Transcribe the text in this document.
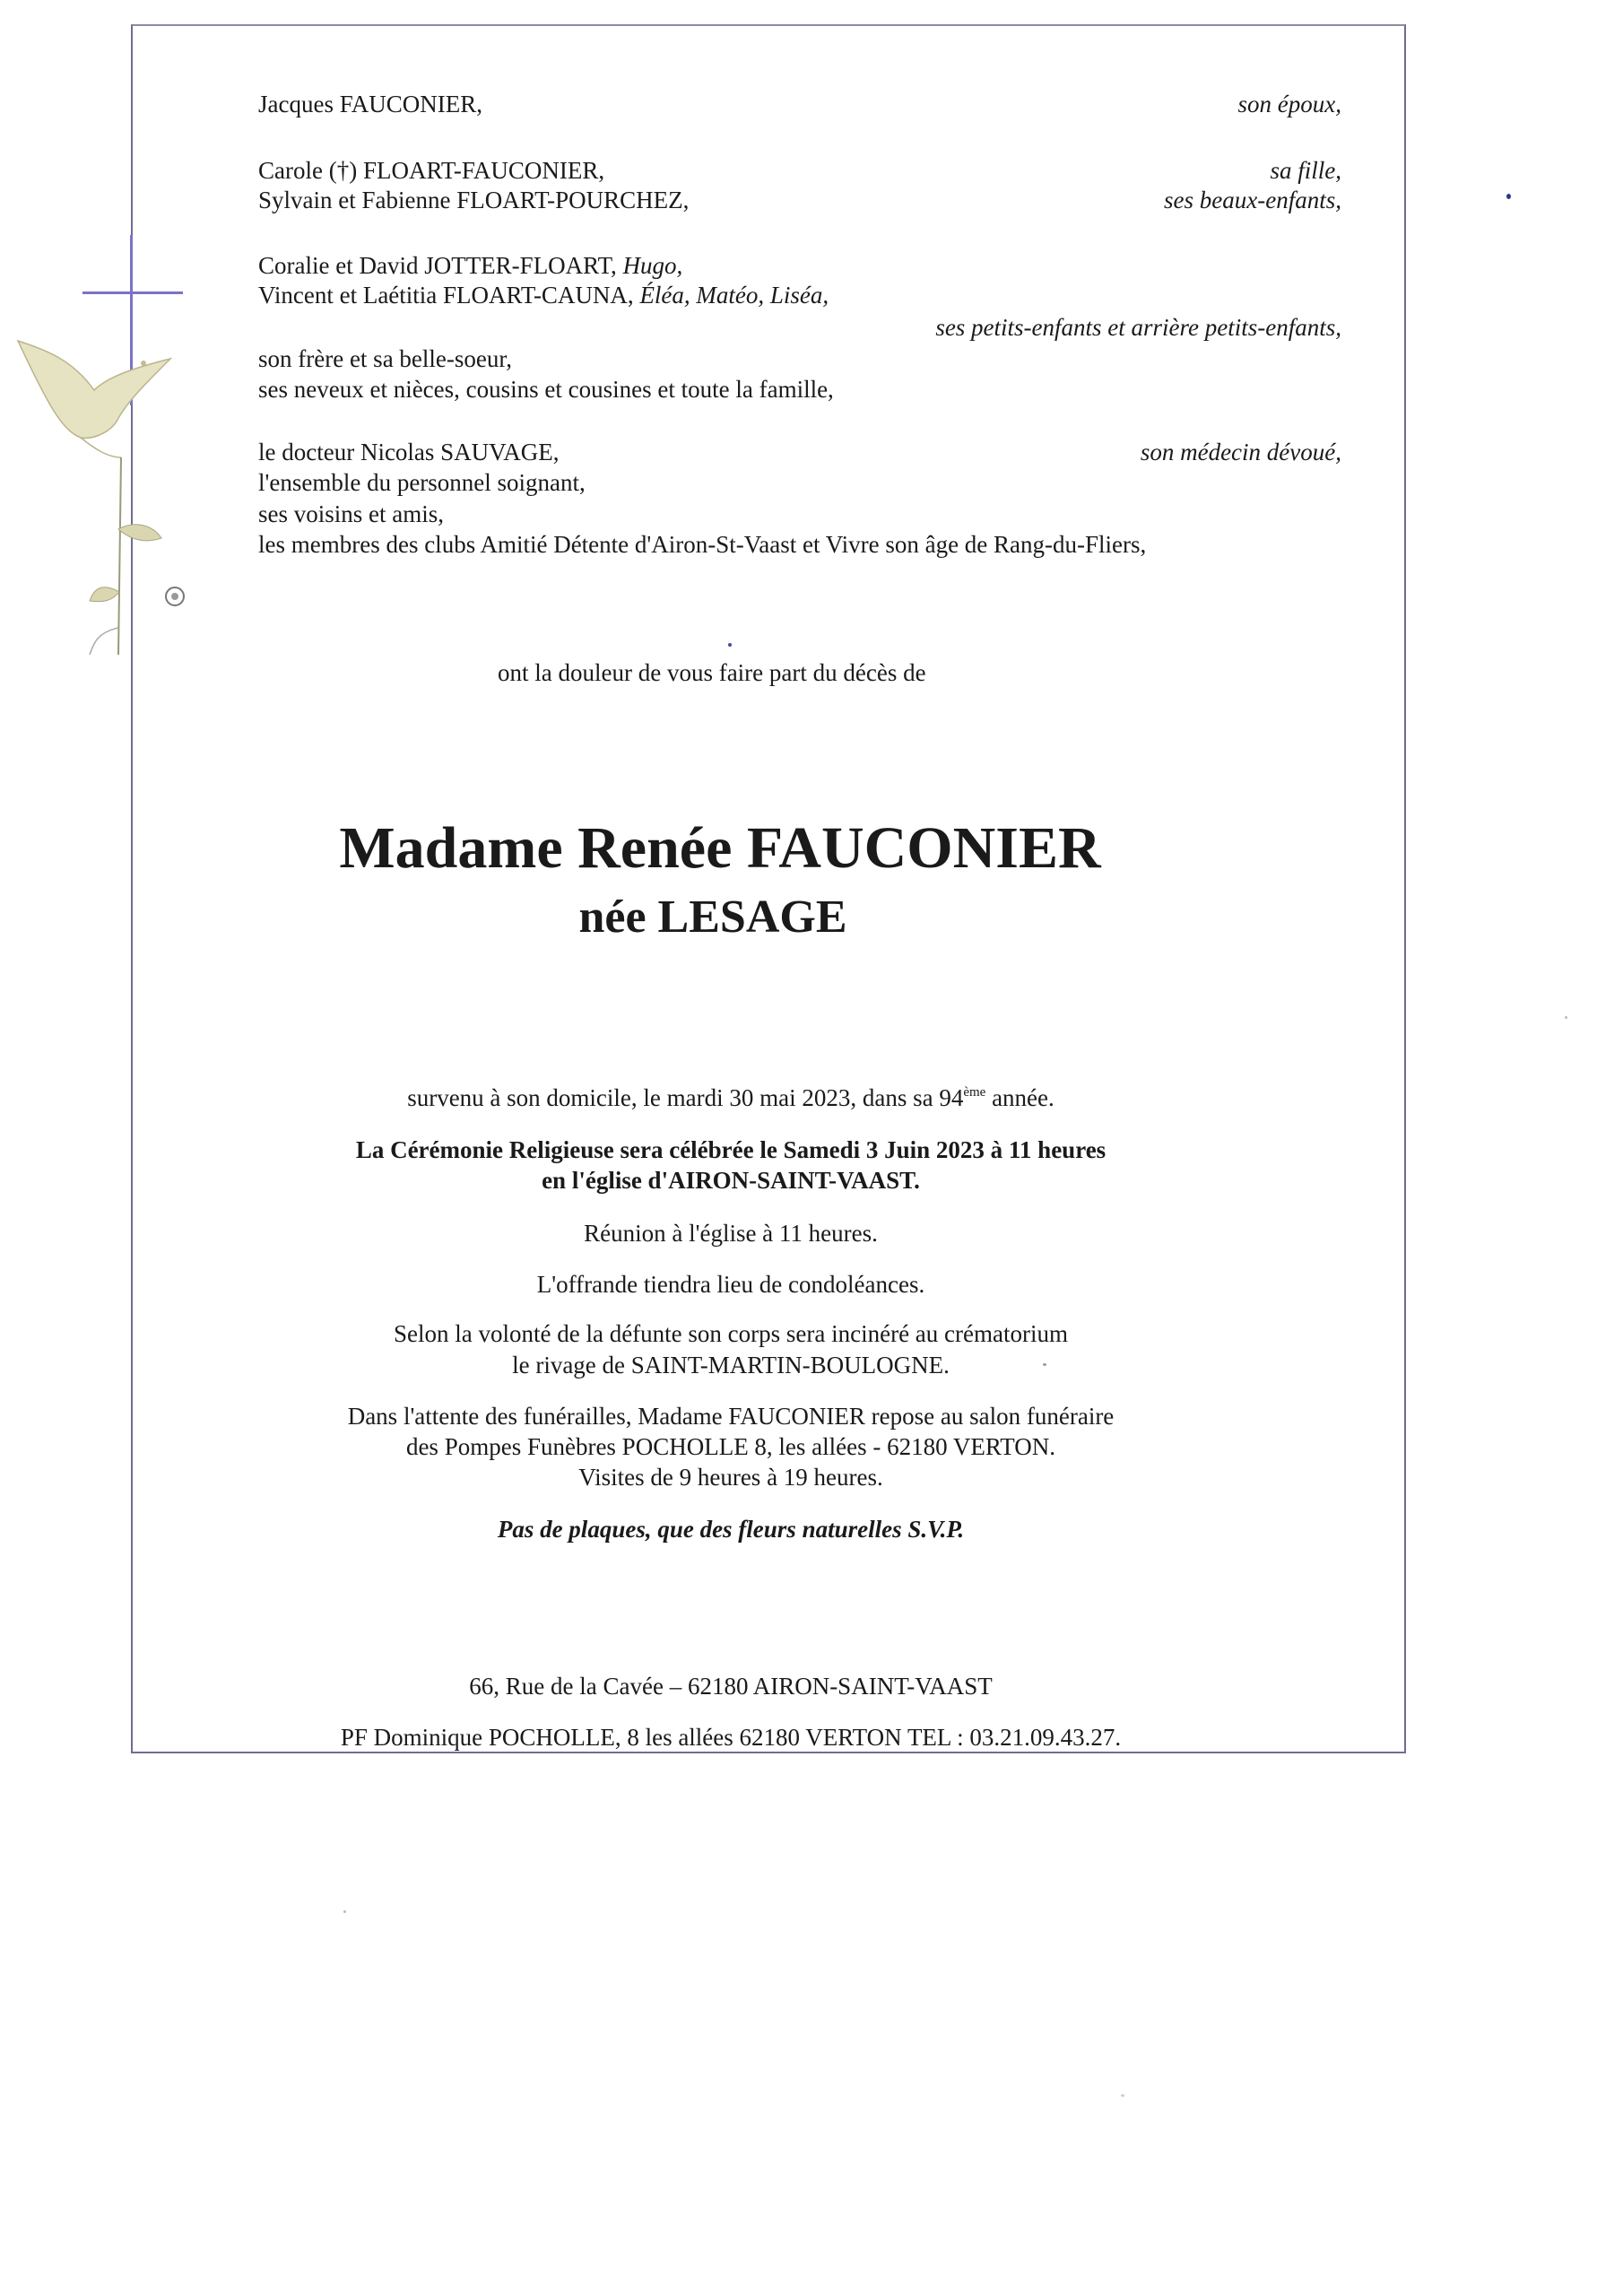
Jacques FAUCONIER,	son époux,
Carole (†) FLOART-FAUCONIER,	sa fille,
Sylvain et Fabienne FLOART-POURCHEZ,	ses beaux-enfants,
Coralie et David JOTTER-FLOART, Hugo,
Vincent et Laétitia FLOART-CAUNA, Éléa, Matéo, Liséa,
ses petits-enfants et arrière petits-enfants,
son frère et sa belle-soeur,
ses neveux et nièces, cousins et cousines et toute la famille,
le docteur Nicolas SAUVAGE,	son médecin dévoué,
l'ensemble du personnel soignant,
ses voisins et amis,
les membres des clubs Amitié Détente d'Airon-St-Vaast et Vivre son âge de Rang-du-Fliers,
ont la douleur de vous faire part du décès de
Madame Renée FAUCONIER
née LESAGE
survenu à son domicile, le mardi 30 mai 2023, dans sa 94ème année.
La Cérémonie Religieuse sera célébrée le Samedi 3 Juin 2023 à 11 heures
en l'église d'AIRON-SAINT-VAAST.
Réunion à l'église à 11 heures.
L'offrande tiendra lieu de condoléances.
Selon la volonté de la défunte son corps sera incinéré au crématorium
le rivage de SAINT-MARTIN-BOULOGNE.
Dans l'attente des funérailles, Madame FAUCONIER repose au salon funéraire
des Pompes Funèbres POCHOLLE 8, les allées - 62180 VERTON.
Visites de 9 heures à 19 heures.
Pas de plaques, que des fleurs naturelles S.V.P.
66, Rue de la Cavée – 62180 AIRON-SAINT-VAAST
PF Dominique POCHOLLE, 8 les allées 62180 VERTON TEL : 03.21.09.43.27.
